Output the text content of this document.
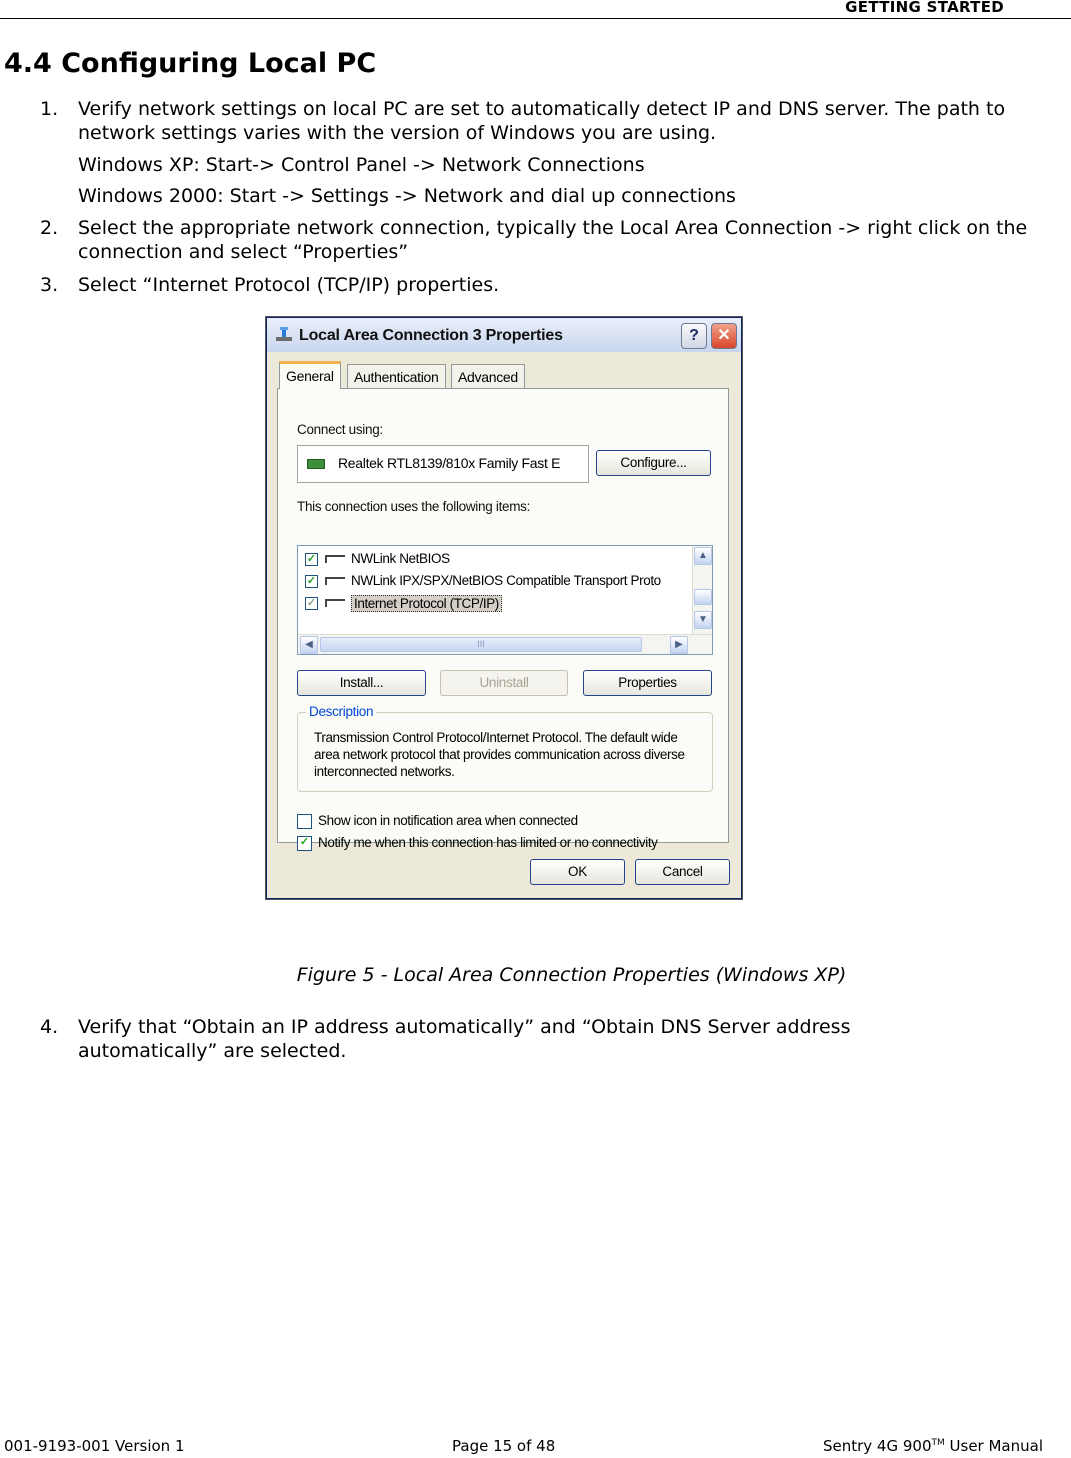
GETTING STARTED
4.4 Configuring Local PC
1. Verify network settings on local PC are set to automatically detect IP and DNS server. The path to network settings varies with the version of Windows you are using.
Windows XP: Start-> Control Panel -> Network Connections
Windows 2000: Start -> Settings -> Network and dial up connections
2. Select the appropriate network connection, typically the Local Area Connection -> right click on the connection and select “Properties”
3. Select “Internet Protocol (TCP/IP) properties.
Local Area Connection 3 Properties	?	✕
General	Authentication	Advanced
Connect using:
Realtek RTL8139/810x Family Fast E	Configure...
This connection uses the following items:
✓	NWLink NetBIOS
✓	NWLink IPX/SPX/NetBIOS Compatible Transport Proto
✓	Internet Protocol (TCP/IP)
▲
▼
◀	III	▶
Install...	Uninstall	Properties
Description
Transmission Control Protocol/Internet Protocol. The default wide area network protocol that provides communication across diverse interconnected networks.
Show icon in notification area when connected
✓ Notify me when this connection has limited or no connectivity
OK	Cancel
Figure 5 - Local Area Connection Properties (Windows XP)
4. Verify that “Obtain an IP address automatically” and “Obtain DNS Server address automatically” are selected.
001-9193-001 Version 1	Page 15 of 48	Sentry 4G 900™ User Manual
